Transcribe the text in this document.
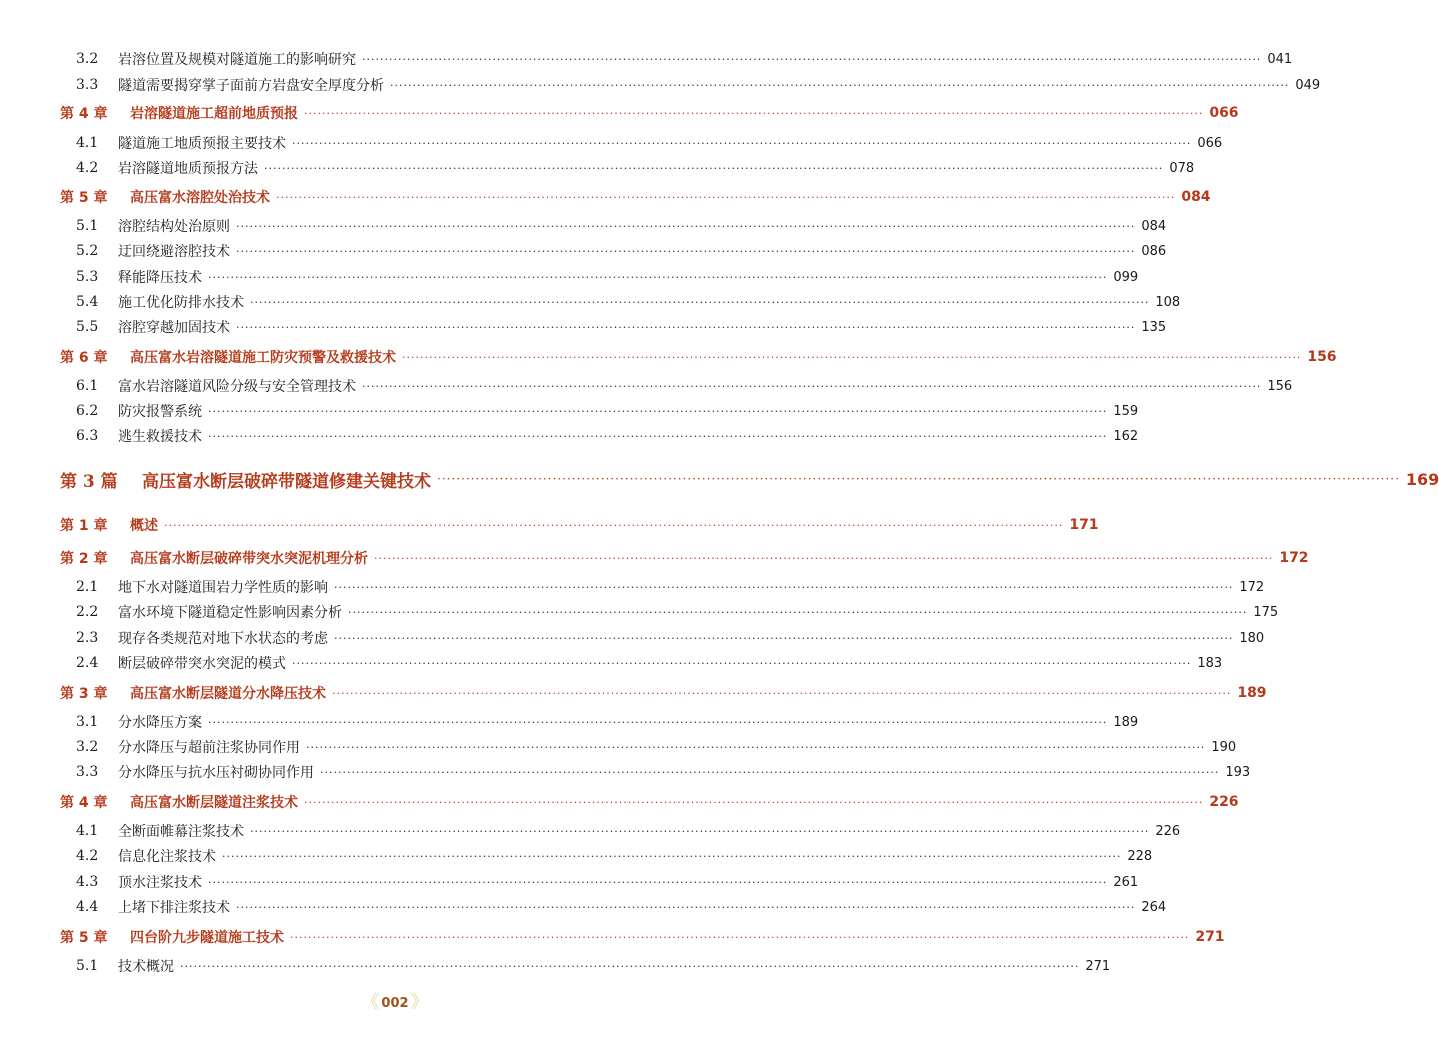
3.2	岩溶位置及规模对隧道施工的影响研究 ········································································································································································································ 041
3.3	隧道需要揭穿掌子面前方岩盘安全厚度分析 ········································································································································································································ 049
第 4 章	岩溶隧道施工超前地质预报 ········································································································································································································ 066
4.1	隧道施工地质预报主要技术 ········································································································································································································ 066
4.2	岩溶隧道地质预报方法 ········································································································································································································ 078
第 5 章	高压富水溶腔处治技术 ········································································································································································································ 084
5.1	溶腔结构处治原则 ········································································································································································································ 084
5.2	迂回绕避溶腔技术 ········································································································································································································ 086
5.3	释能降压技术 ········································································································································································································ 099
5.4	施工优化防排水技术 ········································································································································································································ 108
5.5	溶腔穿越加固技术 ········································································································································································································ 135
第 6 章	高压富水岩溶隧道施工防灾预警及救援技术 ········································································································································································································ 156
6.1	富水岩溶隧道风险分级与安全管理技术 ········································································································································································································ 156
6.2	防灾报警系统 ········································································································································································································ 159
6.3	逃生救援技术 ········································································································································································································ 162
第 3 篇	高压富水断层破碎带隧道修建关键技术 ········································································································································································································ 169
第 1 章	概述 ········································································································································································································ 171
第 2 章	高压富水断层破碎带突水突泥机理分析 ········································································································································································································ 172
2.1	地下水对隧道围岩力学性质的影响 ········································································································································································································ 172
2.2	富水环境下隧道稳定性影响因素分析 ········································································································································································································ 175
2.3	现存各类规范对地下水状态的考虑 ········································································································································································································ 180
2.4	断层破碎带突水突泥的模式 ········································································································································································································ 183
第 3 章	高压富水断层隧道分水降压技术 ········································································································································································································ 189
3.1	分水降压方案 ········································································································································································································ 189
3.2	分水降压与超前注浆协同作用 ········································································································································································································ 190
3.3	分水降压与抗水压衬砌协同作用 ········································································································································································································ 193
第 4 章	高压富水断层隧道注浆技术 ········································································································································································································ 226
4.1	全断面帷幕注浆技术 ········································································································································································································ 226
4.2	信息化注浆技术 ········································································································································································································ 228
4.3	顶水注浆技术 ········································································································································································································ 261
4.4	上堵下排注浆技术 ········································································································································································································ 264
第 5 章	四台阶九步隧道施工技术 ········································································································································································································ 271
5.1	技术概况 ········································································································································································································ 271
《 002 》
